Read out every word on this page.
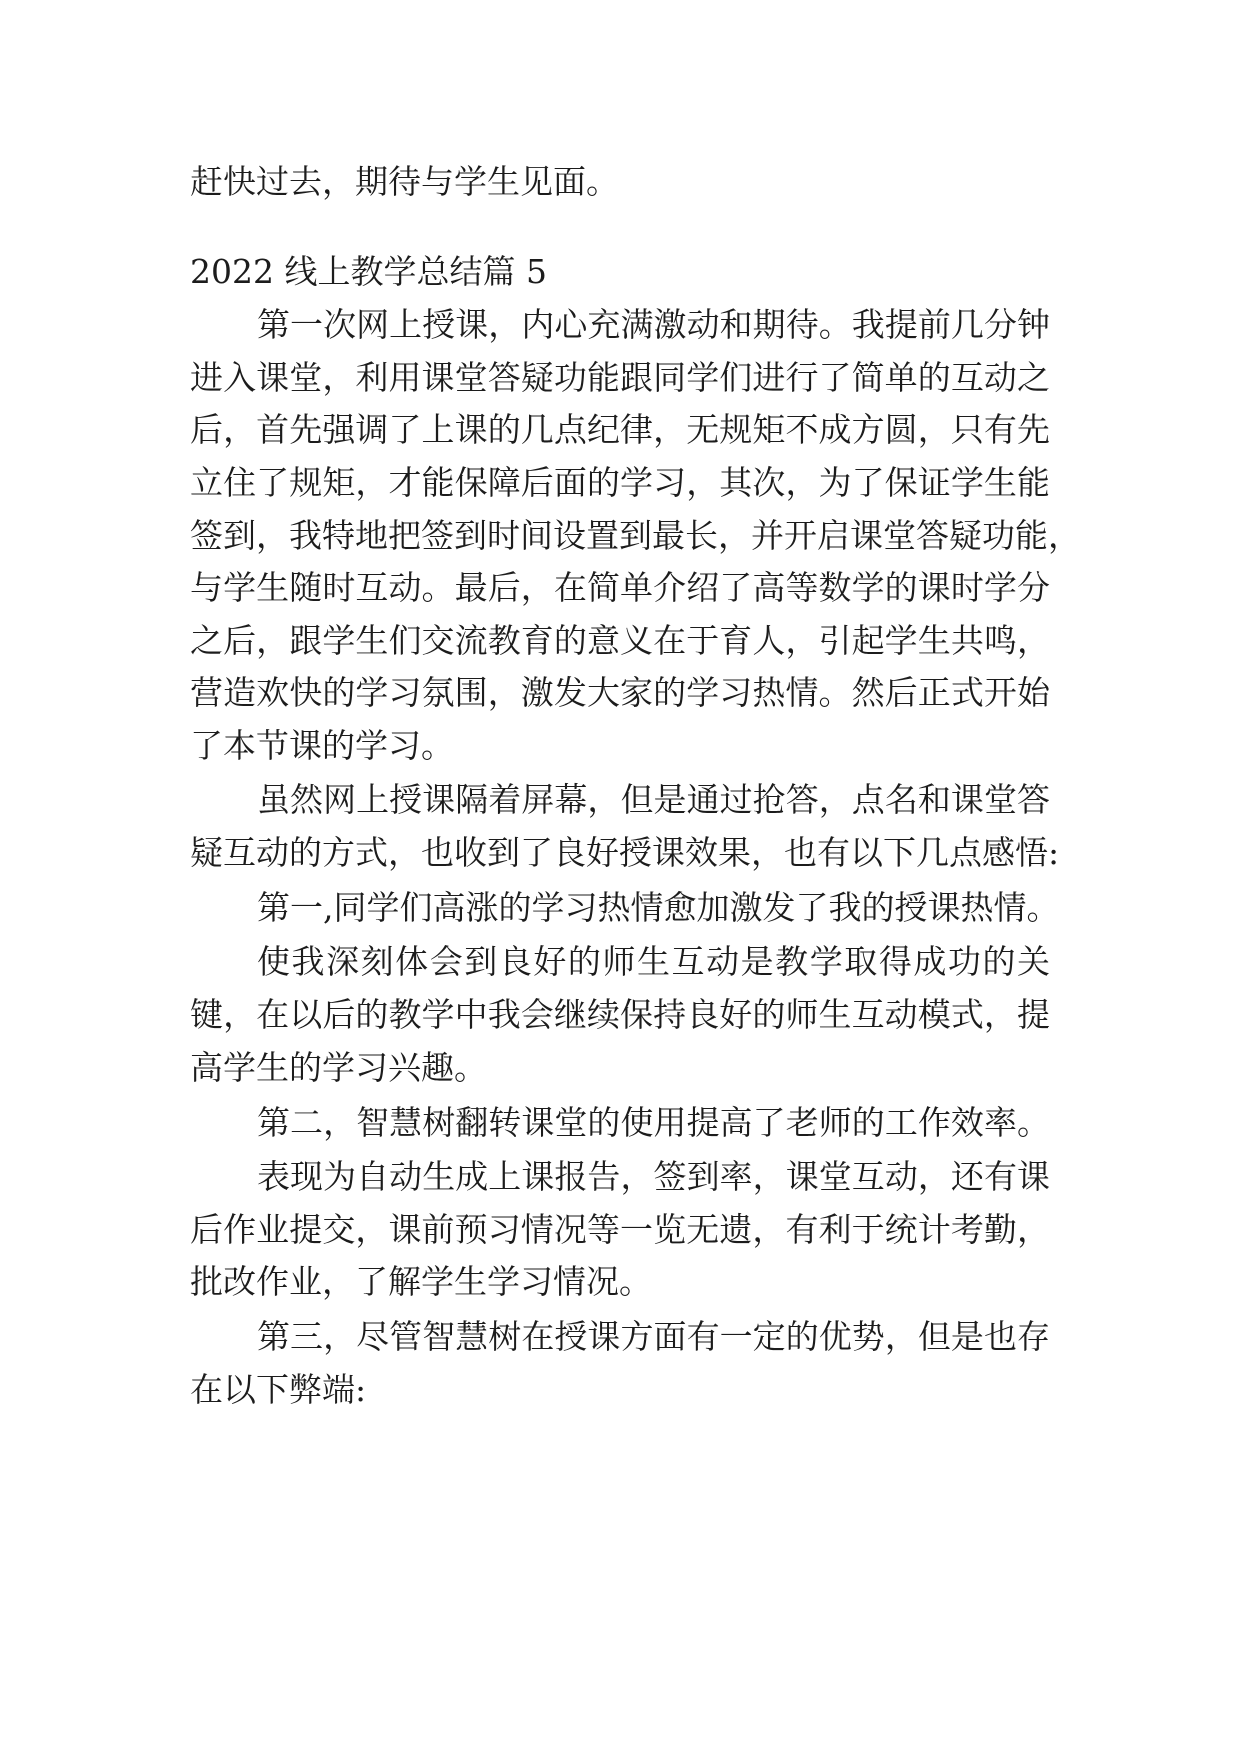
赶快过去，期待与学生见面。
2022 线上教学总结篇 5
第一次网上授课，内心充满激动和期待。我提前几分钟
进入课堂，利用课堂答疑功能跟同学们进行了简单的互动之
后，首先强调了上课的几点纪律，无规矩不成方圆，只有先
立住了规矩，才能保障后面的学习，其次，为了保证学生能
签到，我特地把签到时间设置到最长，并开启课堂答疑功能，
与学生随时互动。最后，在简单介绍了高等数学的课时学分
之后，跟学生们交流教育的意义在于育人，引起学生共鸣，
营造欢快的学习氛围，激发大家的学习热情。然后正式开始
了本节课的学习。
虽然网上授课隔着屏幕，但是通过抢答，点名和课堂答
疑互动的方式，也收到了良好授课效果，也有以下几点感悟:
第一,同学们高涨的学习热情愈加激发了我的授课热情。
使我深刻体会到良好的师生互动是教学取得成功的关
键，在以后的教学中我会继续保持良好的师生互动模式，提
高学生的学习兴趣。
第二，智慧树翻转课堂的使用提高了老师的工作效率。
表现为自动生成上课报告，签到率，课堂互动，还有课
后作业提交，课前预习情况等一览无遗，有利于统计考勤，
批改作业，了解学生学习情况。
第三，尽管智慧树在授课方面有一定的优势，但是也存
在以下弊端:
